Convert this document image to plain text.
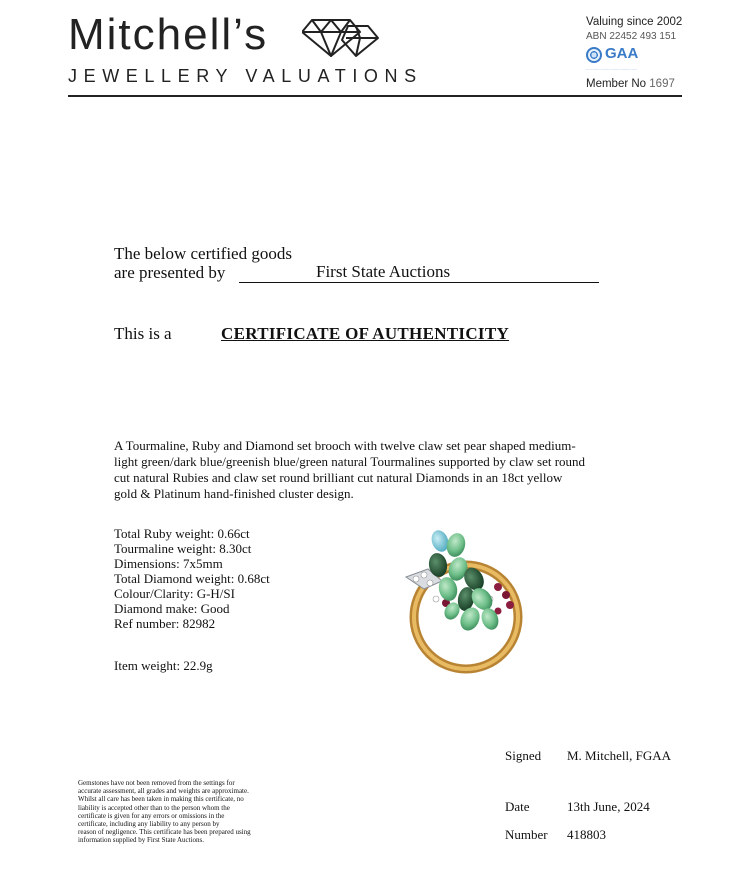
Mitchell’s
JEWELLERY VALUATIONS
Valuing since 2002
ABN 22452 493 151
GAA
..............................................
Member No 1697
The below certified goods
are presented by	First State Auctions
This is a	CERTIFICATE OF AUTHENTICITY
A Tourmaline, Ruby and Diamond set brooch with twelve claw set pear shaped medium-
light green/dark blue/greenish blue/green natural Tourmalines supported by claw set round
cut natural Rubies and claw set round brilliant cut natural Diamonds in an 18ct yellow
gold & Platinum hand-finished cluster design.
Total Ruby weight: 0.66ct
Tourmaline weight: 8.30ct
Dimensions: 7x5mm
Total Diamond weight: 0.68ct
Colour/Clarity: G-H/SI
Diamond make: Good
Ref number: 82982
Item weight: 22.9g
Signed M. Mitchell, FGAA
Date	13th June, 2024
Number 418803
Gemstones have not been removed from the settings for
accurate assessment, all grades and weights are approximate.
Whilst all care has been taken in making this certificate, no
liability is accepted other than to the person whom the
certificate is given for any errors or omissions in the
certificate, including any liability to any person by
reason of negligence. This certificate has been prepared using
information supplied by First State Auctions.
